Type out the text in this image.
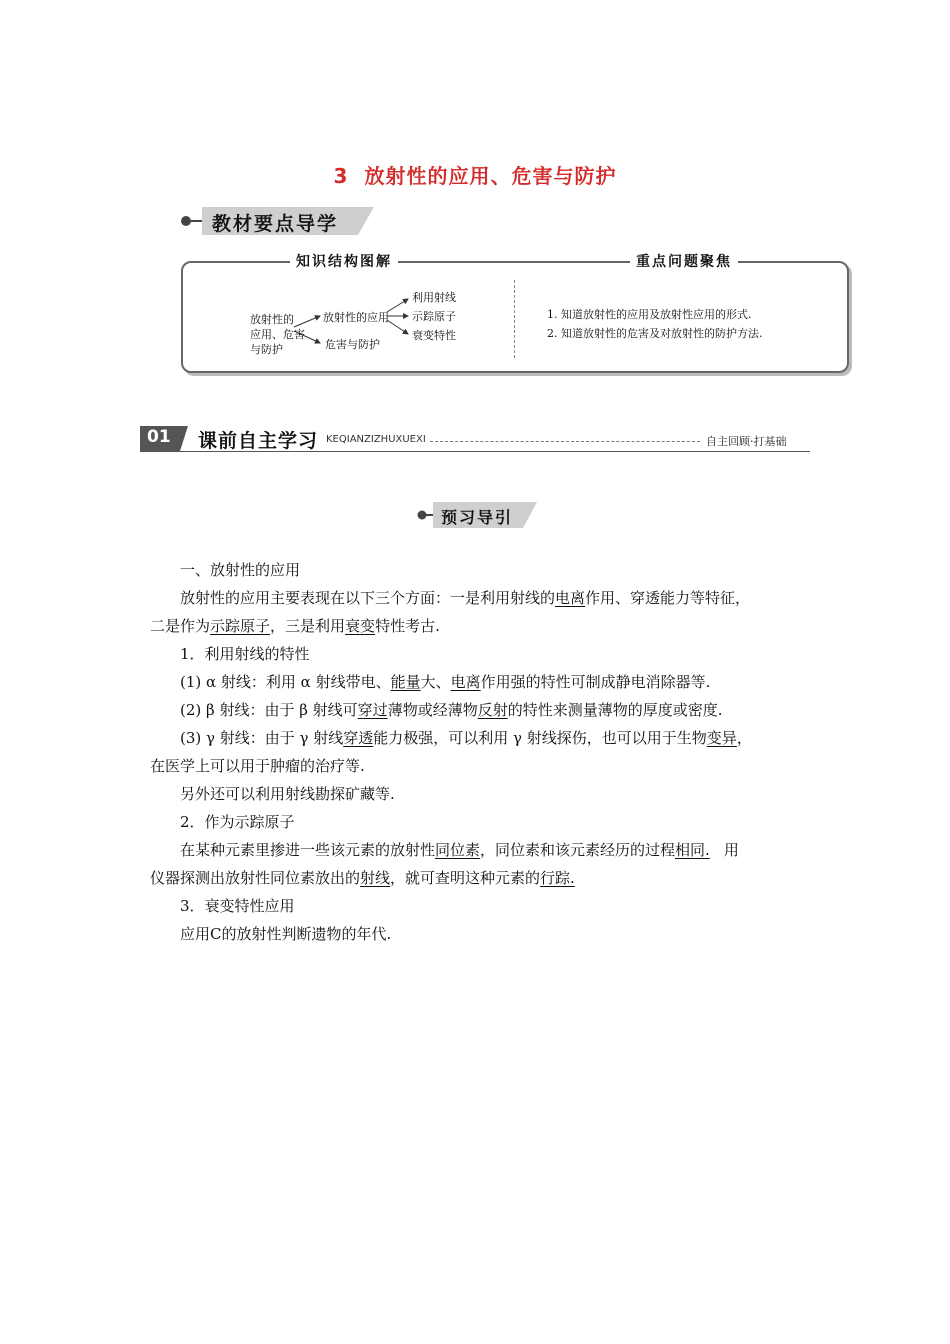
3 放射性的应用、危害与防护
教材要点导学
知识结构图解	重点问题聚焦
放射性的
应用、危害
与防护
放射性的应用
危害与防护
利用射线
示踪原子
衰变特性
1. 知道放射性的应用及放射性应用的形式.
2. 知道放射性的危害及对放射性的防护方法.
01 课前自主学习 KEQIANZIZHUXUEXI	自主回顾·打基础
预习导引
一、放射性的应用
放射性的应用主要表现在以下三个方面：一是利用射线的电离作用、穿透能力等特征，
二是作为示踪原子，三是利用衰变特性考古.
1．利用射线的特性
(1) α 射线：利用 α 射线带电、能量大、电离作用强的特性可制成静电消除器等.
(2) β 射线：由于 β 射线可穿过薄物或经薄物反射的特性来测量薄物的厚度或密度.
(3) γ 射线：由于 γ 射线穿透能力极强，可以利用 γ 射线探伤，也可以用于生物变异，
在医学上可以用于肿瘤的治疗等.
另外还可以利用射线勘探矿藏等.
2．作为示踪原子
在某种元素里掺进一些该元素的放射性同位素，同位素和该元素经历的过程相同. 用
仪器探测出放射性同位素放出的射线，就可查明这种元素的行踪.
3．衰变特性应用
应用C的放射性判断遗物的年代.
